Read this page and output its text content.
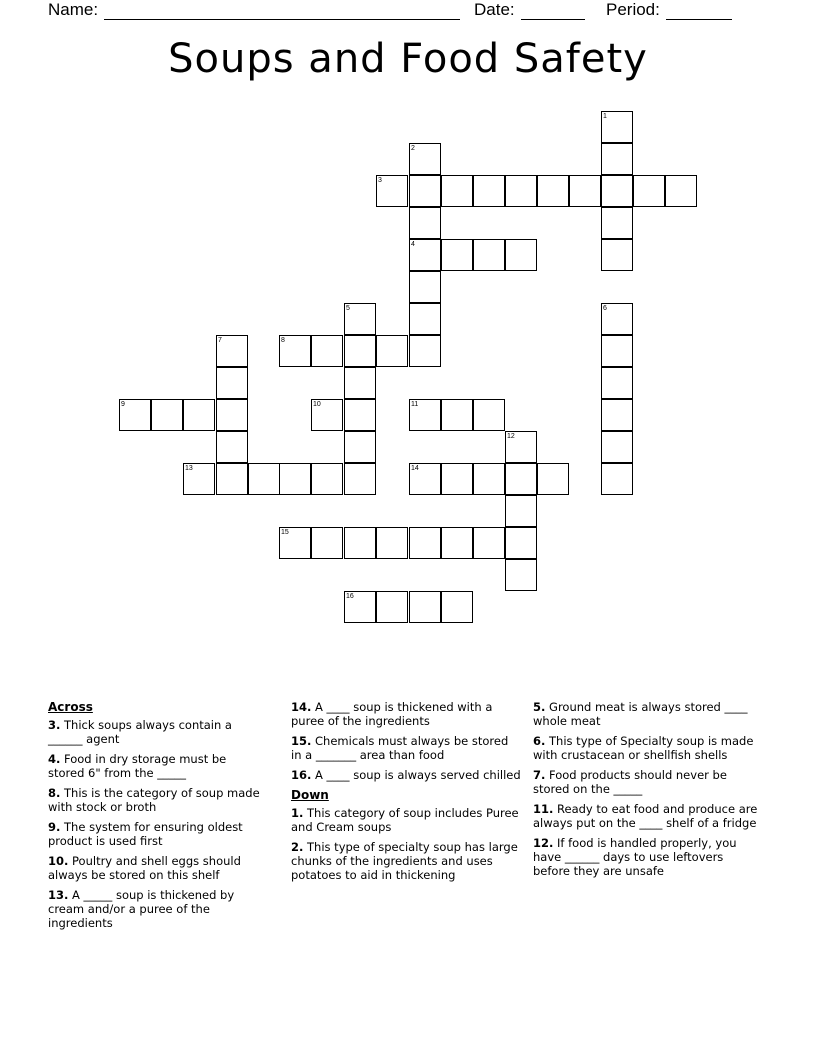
Name:	Date:	Period:
Soups and Food Safety
1
2
3
4
5	6
7	8
9	10	11
12
13	14
15
16
Across
3. Thick soups always contain a ______ agent
4. Food in dry storage must be stored 6" from the _____
8. This is the category of soup made with stock or broth
9. The system for ensuring oldest product is used first
10. Poultry and shell eggs should always be stored on this shelf
13. A _____ soup is thickened by cream and/or a puree of the ingredients
14. A ____ soup is thickened with a puree of the ingredients
15. Chemicals must always be stored in a _______ area than food
16. A ____ soup is always served chilled
Down
1. This category of soup includes Puree and Cream soups
2. This type of specialty soup has large chunks of the ingredients and uses potatoes to aid in thickening
5. Ground meat is always stored ____ whole meat
6. This type of Specialty soup is made with crustacean or shellfish shells
7. Food products should never be stored on the _____
11. Ready to eat food and produce are always put on the ____ shelf of a fridge
12. If food is handled properly, you have ______ days to use leftovers before they are unsafe
